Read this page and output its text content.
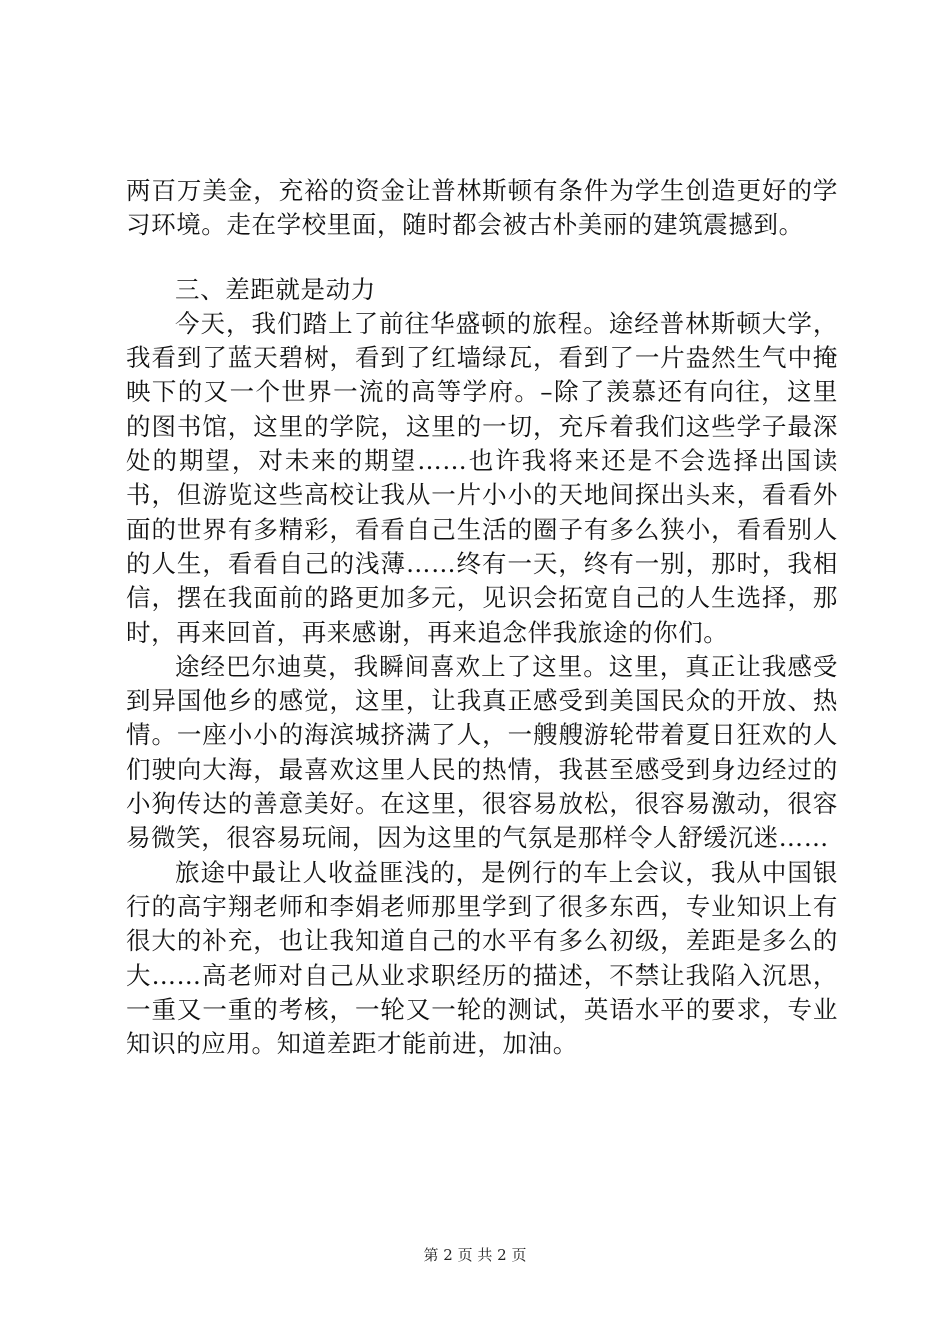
两百万美金，充裕的资金让普林斯顿有条件为学生创造更好的学习环境。走在学校里面，随时都会被古朴美丽的建筑震撼到。

三、差距就是动力

今天，我们踏上了前往华盛顿的旅程。途经普林斯顿大学，我看到了蓝天碧树，看到了红墙绿瓦，看到了一片盎然生气中掩映下的又一个世界一流的高等学府。–除了羡慕还有向往，这里的图书馆，这里的学院，这里的一切，充斥着我们这些学子最深处的期望，对未来的期望……也许我将来还是不会选择出国读书，但游览这些高校让我从一片小小的天地间探出头来，看看外面的世界有多精彩，看看自己生活的圈子有多么狭小，看看别人的人生，看看自己的浅薄……终有一天，终有一别，那时，我相信，摆在我面前的路更加多元，见识会拓宽自己的人生选择，那时，再来回首，再来感谢，再来追念伴我旅途的你们。

途经巴尔迪莫，我瞬间喜欢上了这里。这里，真正让我感受到异国他乡的感觉，这里，让我真正感受到美国民众的开放、热情。一座小小的海滨城挤满了人，一艘艘游轮带着夏日狂欢的人们驶向大海，最喜欢这里人民的热情，我甚至感受到身边经过的小狗传达的善意美好。在这里，很容易放松，很容易激动，很容易微笑，很容易玩闹，因为这里的气氛是那样令人舒缓沉迷……

旅途中最让人收益匪浅的，是例行的车上会议，我从中国银行的高宇翔老师和李娟老师那里学到了很多东西，专业知识上有很大的补充，也让我知道自己的水平有多么初级，差距是多么的大……高老师对自己从业求职经历的描述，不禁让我陷入沉思，一重又一重的考核，一轮又一轮的测试，英语水平的要求，专业知识的应用。知道差距才能前进，加油。

第 2 页 共 2 页
